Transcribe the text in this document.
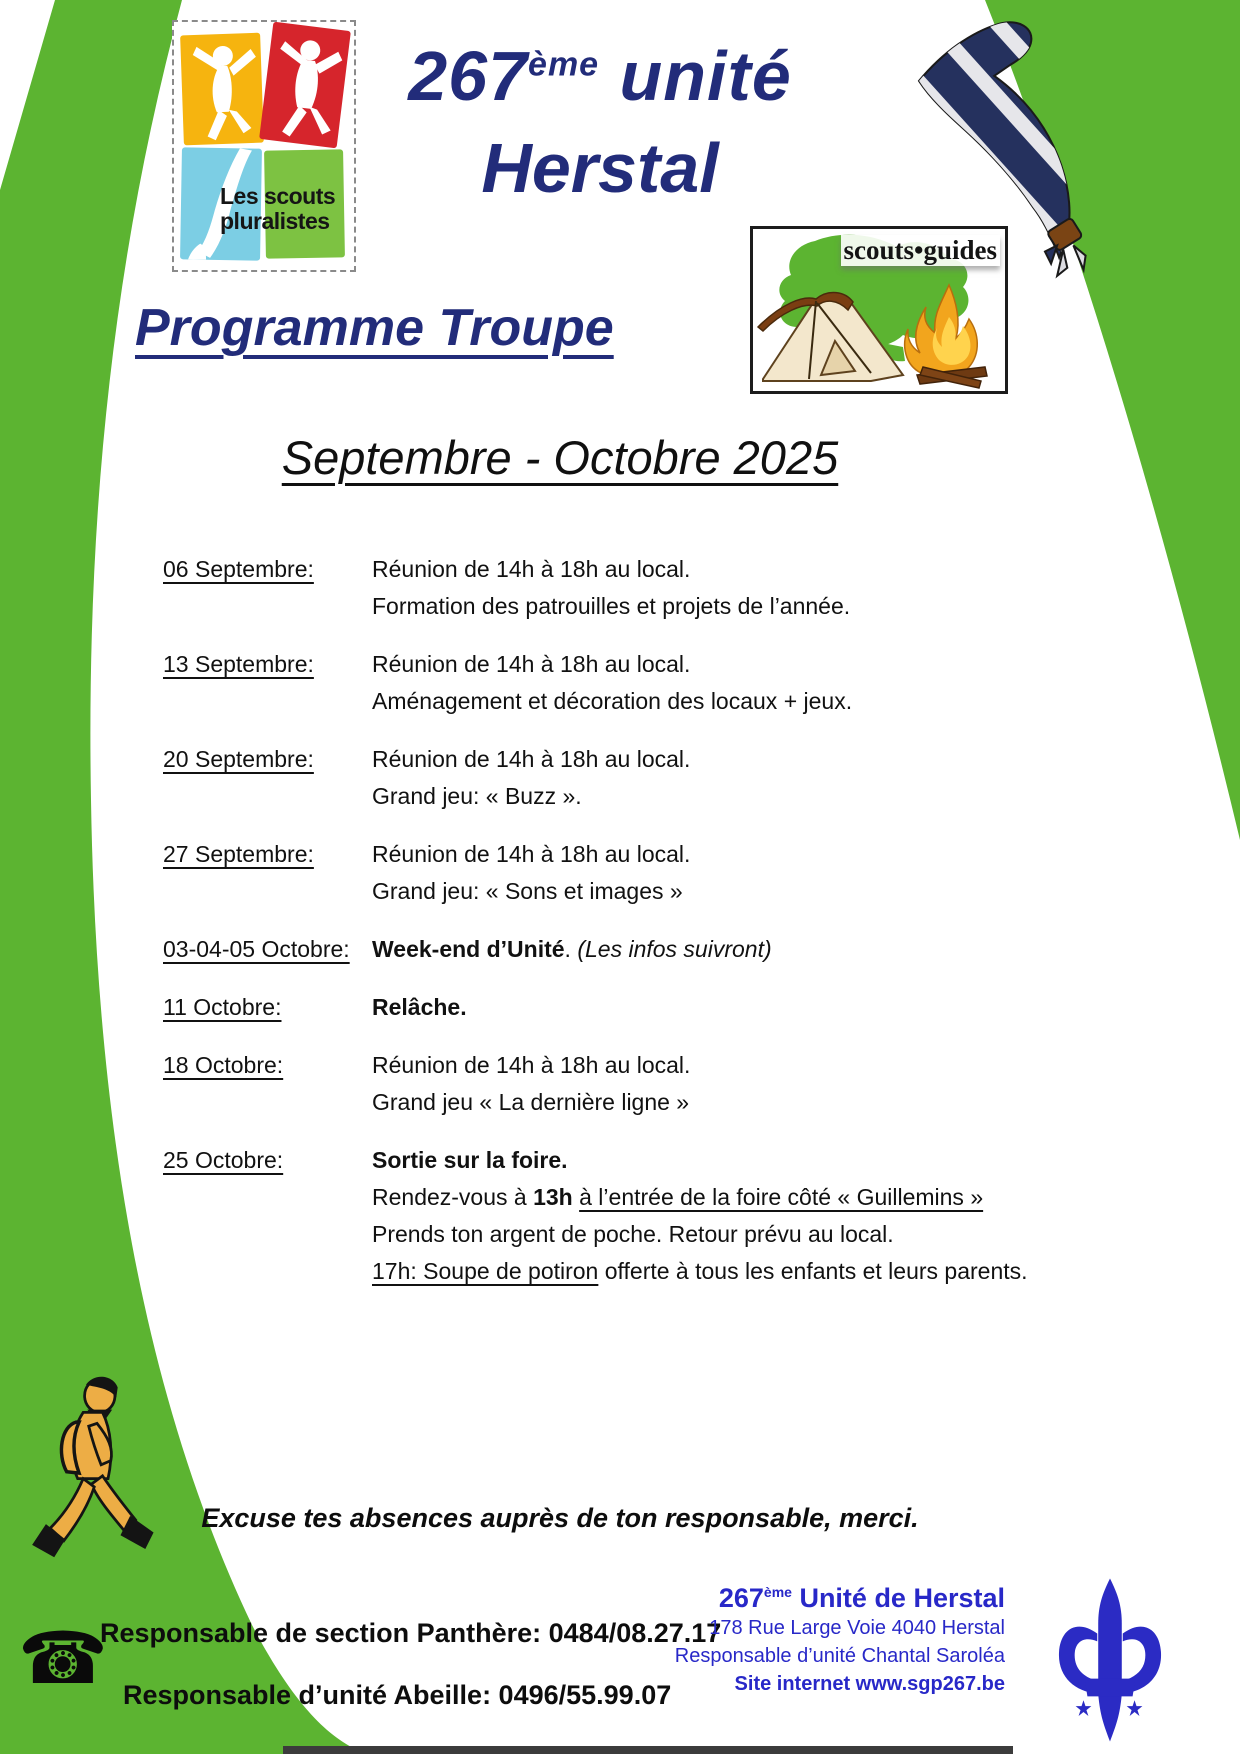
Les scouts
pluralistes
267ème unité
Herstal
Programme Troupe
scouts•guides
Septembre - Octobre 2025
06 Septembre:	Réunion de 14h à 18h au local.
Formation des patrouilles et projets de l’année.
13 Septembre:	Réunion de 14h à 18h au local.
Aménagement et décoration des locaux + jeux.
20 Septembre:	Réunion de 14h à 18h au local.
Grand jeu: « Buzz ».
27 Septembre:	Réunion de 14h à 18h au local.
Grand jeu: « Sons et images »
03-04-05 Octobre: Week-end d’Unité. (Les infos suivront)
11 Octobre:	Relâche.
18 Octobre:	Réunion de 14h à 18h au local.
Grand jeu « La dernière ligne »
25 Octobre:	Sortie sur la foire.
Rendez-vous à 13h à l’entrée de la foire côté « Guillemins »
Prends ton argent de poche. Retour prévu au local.
17h: Soupe de potiron offerte à tous les enfants et leurs parents.
Excuse tes absences auprès de ton responsable, merci.
☎
Responsable de section Panthère: 0484/08.27.17
Responsable d’unité Abeille: 0496/55.99.07
267ème Unité de Herstal
178 Rue Large Voie 4040 Herstal
Responsable d’unité Chantal Saroléa
Site internet www.sgp267.be
